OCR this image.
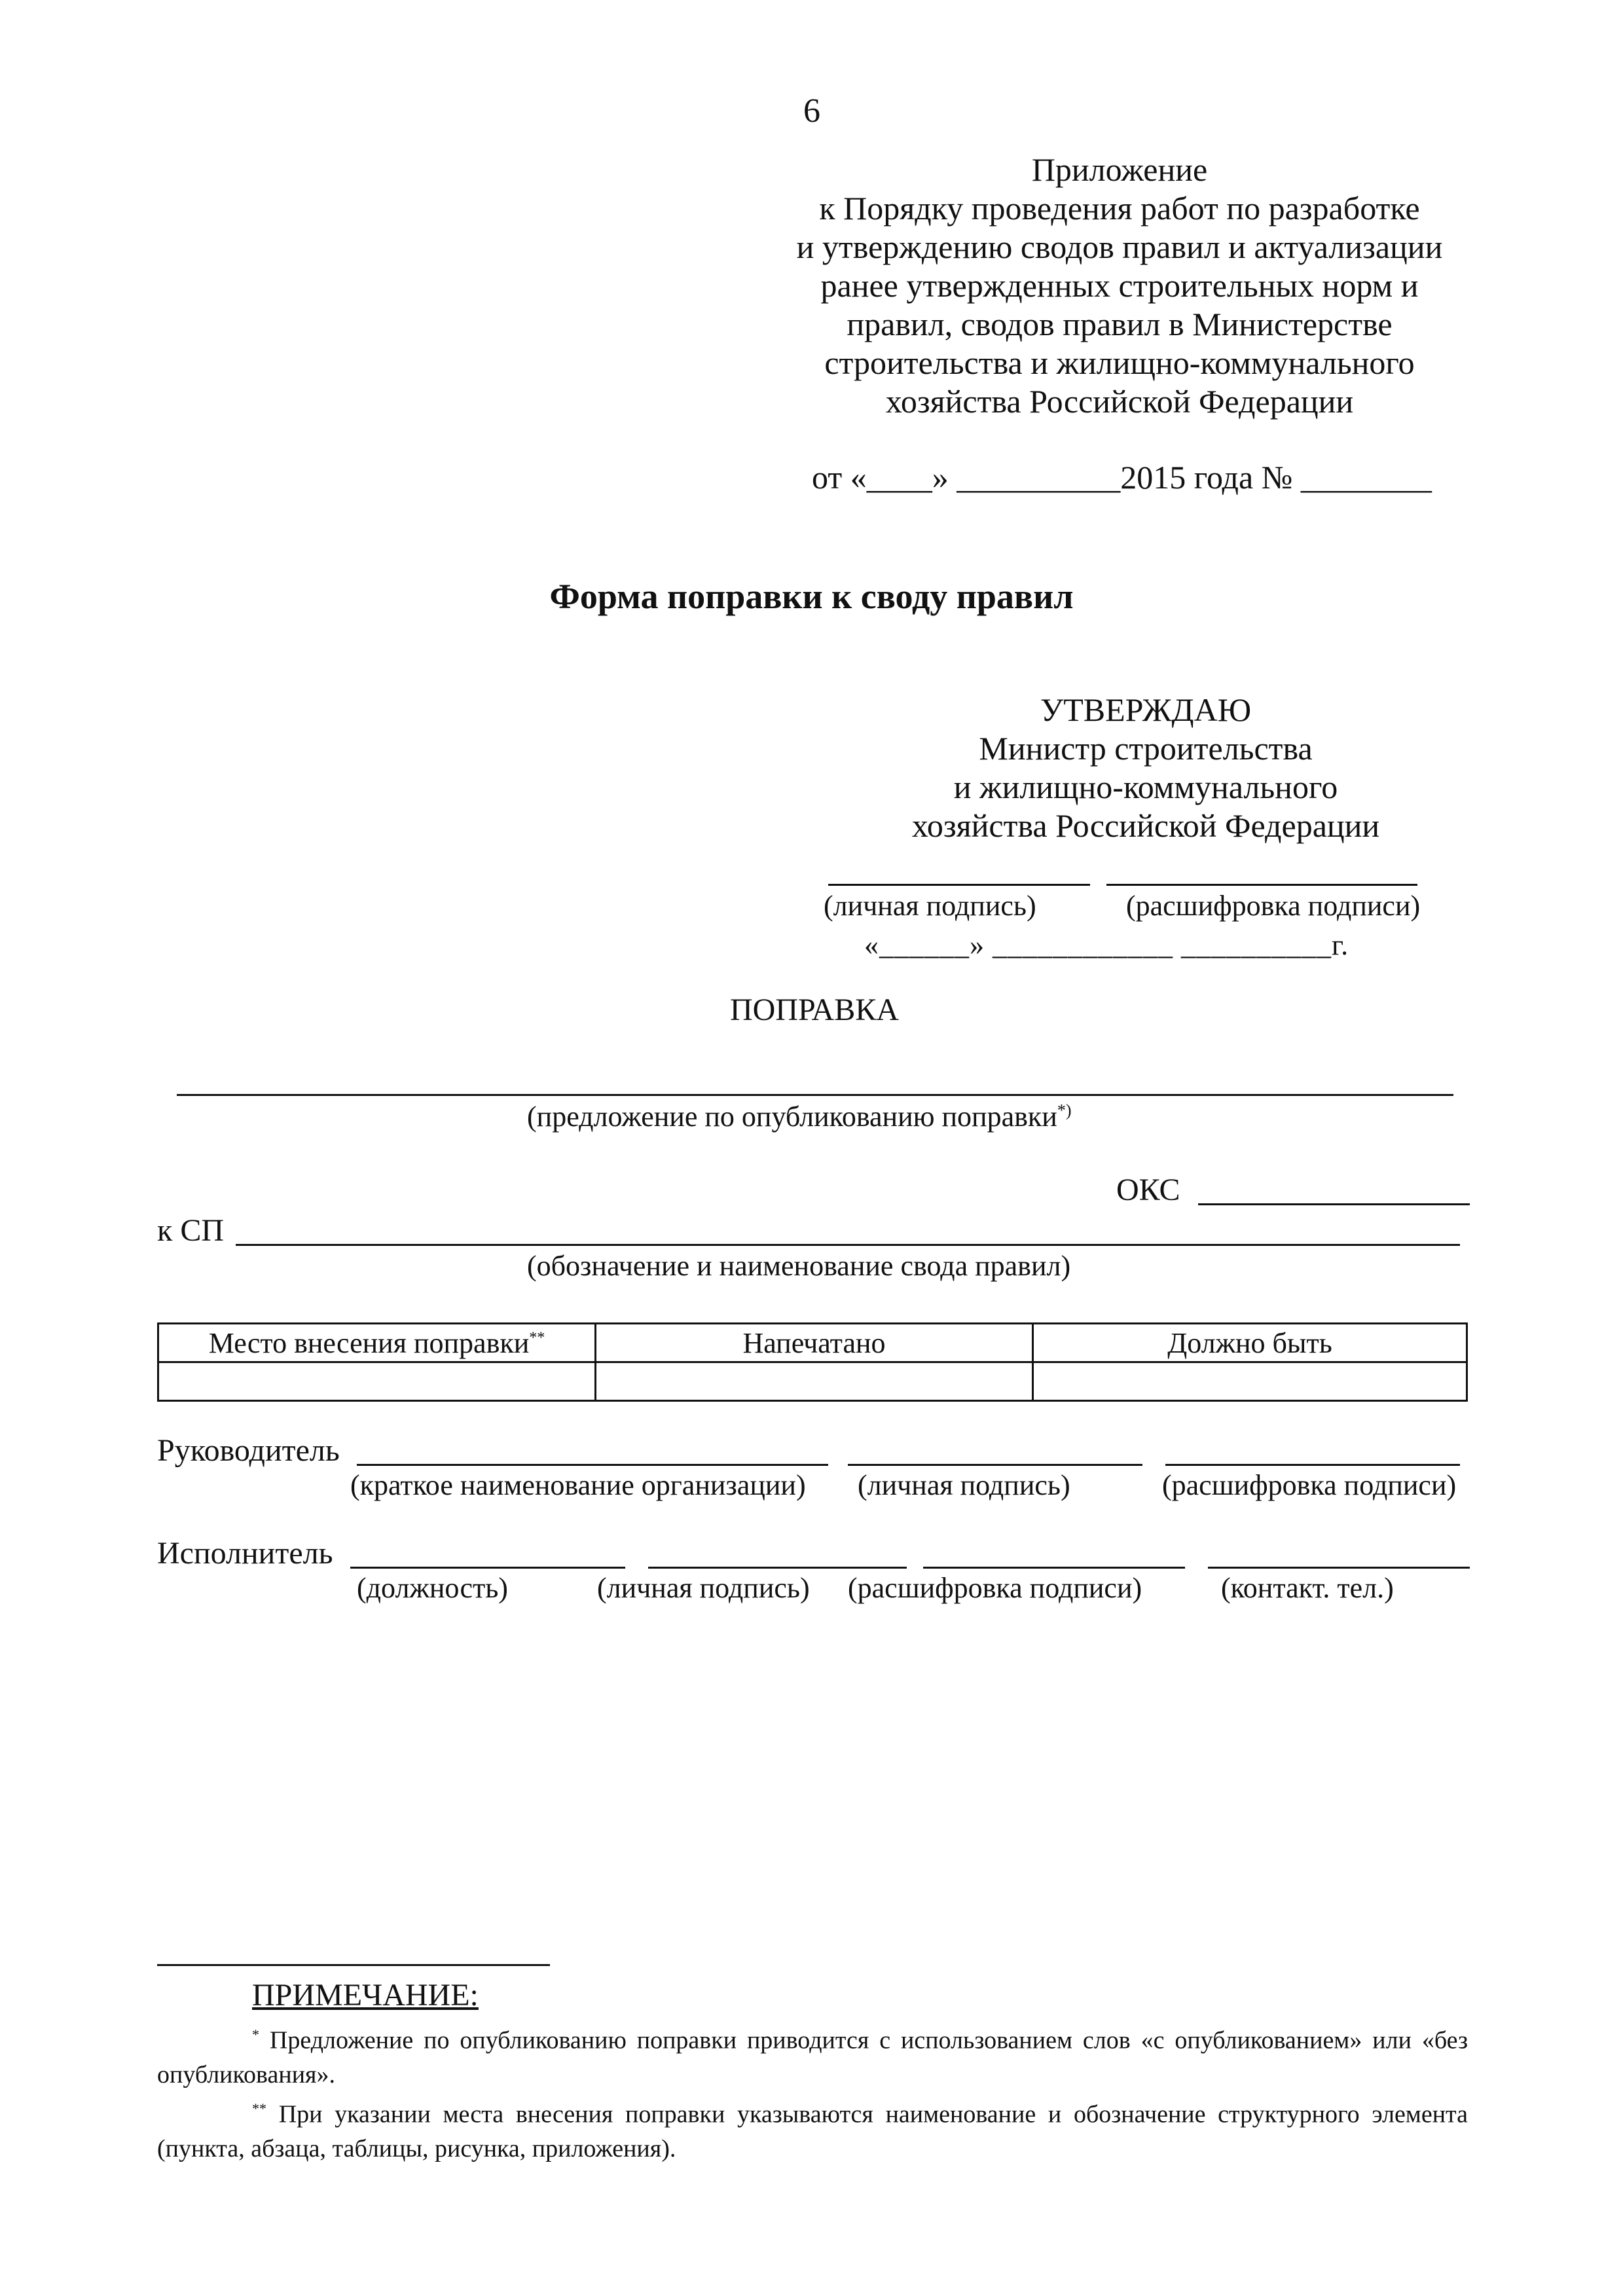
6
Приложение
к Порядку проведения работ по разработке
и утверждению сводов правил и актуализации
ранее утвержденных строительных норм и
правил, сводов правил в Министерстве
строительства и жилищно-коммунального
хозяйства Российской Федерации
от «____» __________2015 года № ________
Форма поправки к своду правил
УТВЕРЖДАЮ
Министр строительства
и жилищно-коммунального
хозяйства Российской Федерации
(личная подпись)	(расшифровка подписи)
«______» ____________ __________г.
ПОПРАВКА
(предложение по опубликованию поправки*)
ОКС
к СП
(обозначение и наименование свода правил)
Место внесения поправки**	Напечатано	Должно быть

Руководитель
(краткое наименование организации) (личная подпись)	(расшифровка подписи)
Исполнитель
(должность)	(личная подпись) (расшифровка подписи)	(контакт. тел.)
ПРИМЕЧАНИЕ:
* Предложение по опубликованию поправки приводится с использованием слов «с опубликованием» или «без опубликования».
** При указании места внесения поправки указываются наименование и обозначение структурного элемента (пункта, абзаца, таблицы, рисунка, приложения).
